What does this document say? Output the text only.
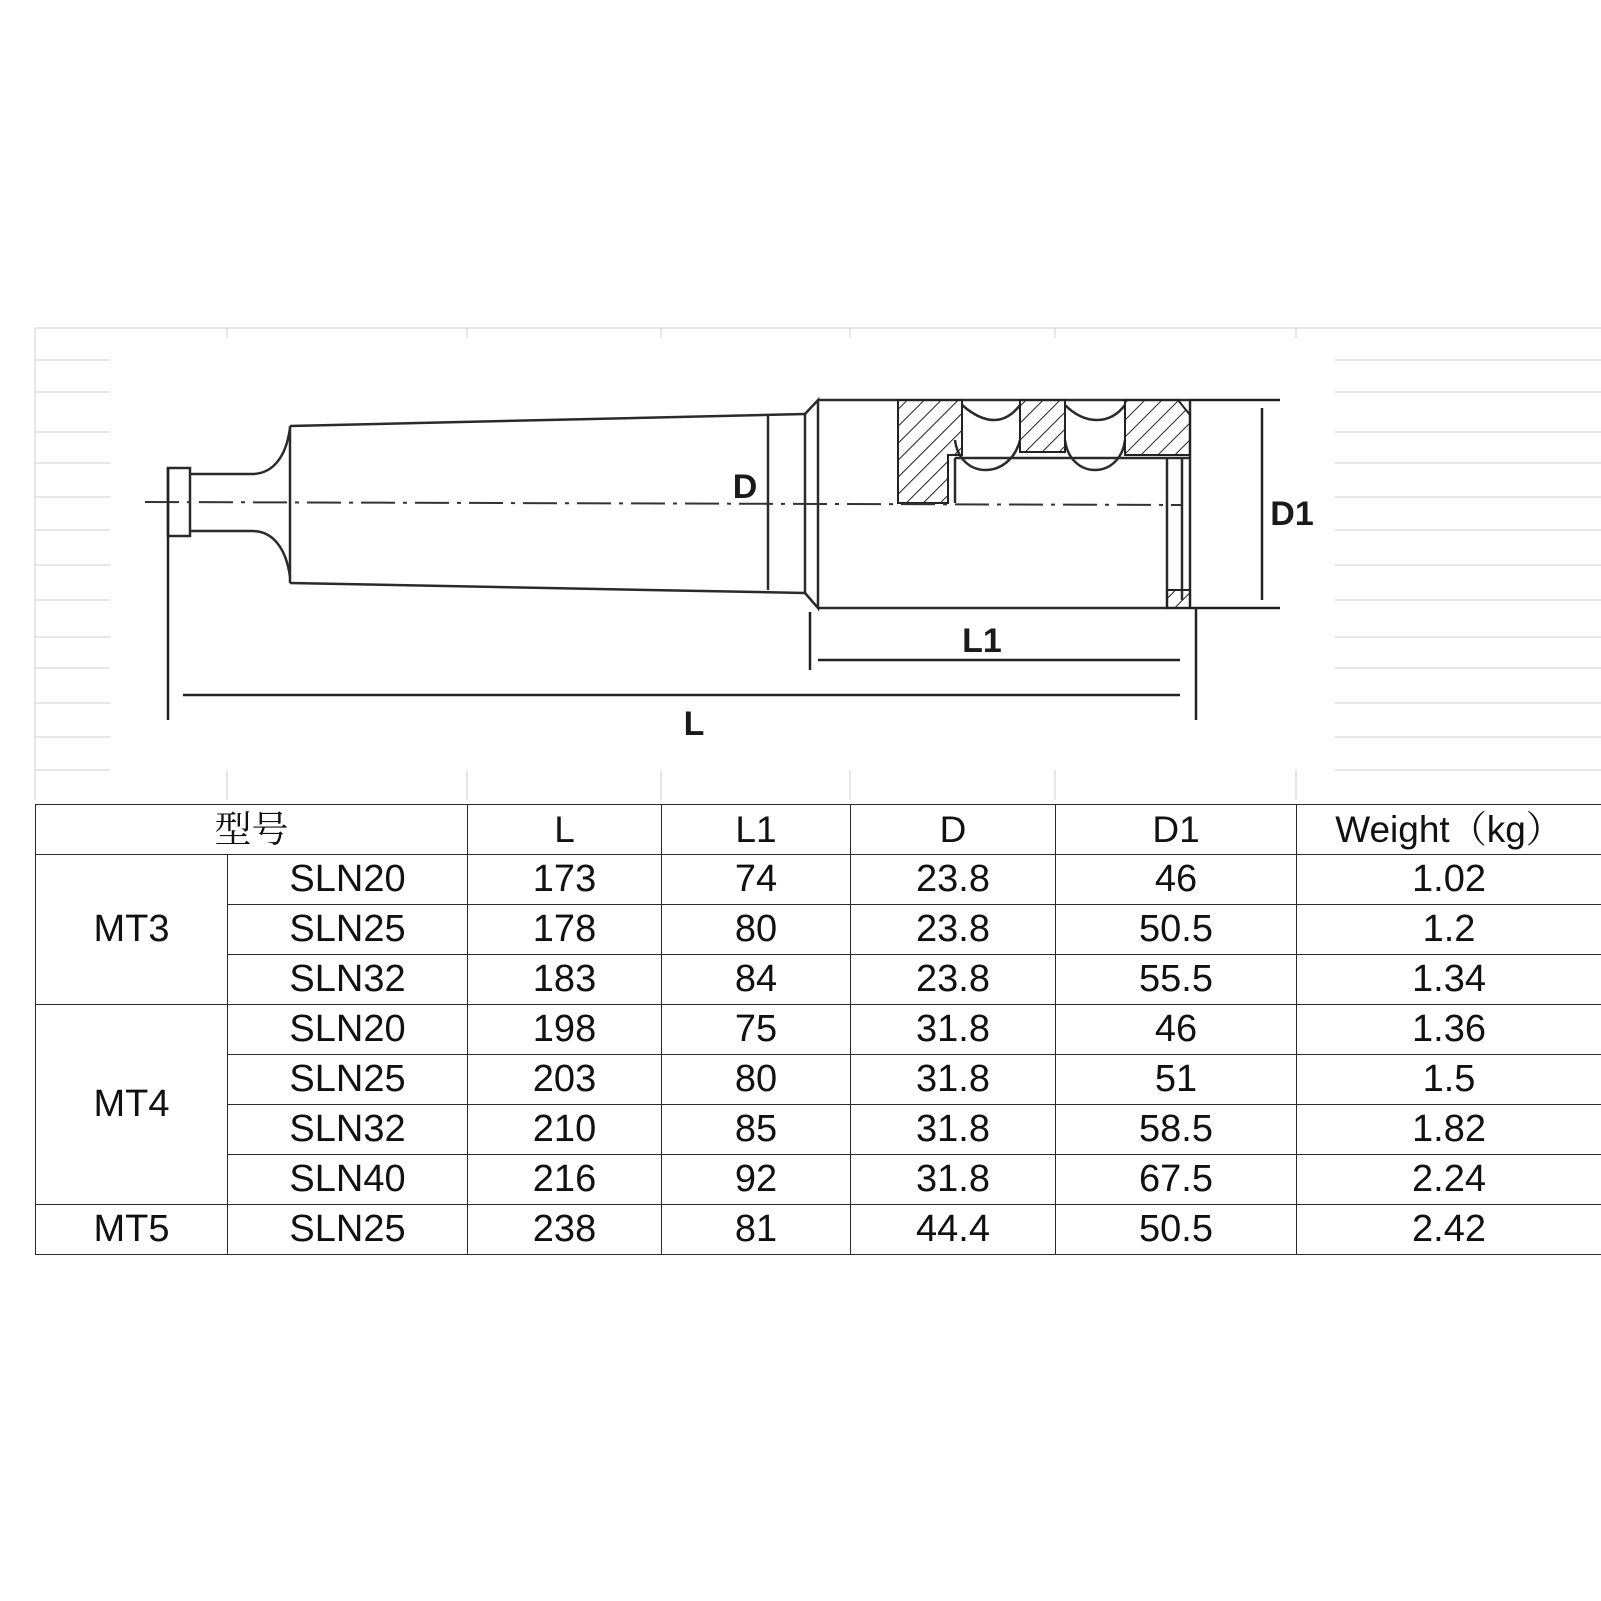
L
L1
D
D1
型号		L	L1	D	D1	Weight（kg）
MT3	SLN20	173	74	23.8	46	1.02
	SLN25	178	80	23.8	50.5	1.2
	SLN32	183	84	23.8	55.5	1.34
MT4	SLN20	198	75	31.8	46	1.36
	SLN25	203	80	31.8	51	1.5
	SLN32	210	85	31.8	58.5	1.82
	SLN40	216	92	31.8	67.5	2.24
MT5	SLN25	238	81	44.4	50.5	2.42
